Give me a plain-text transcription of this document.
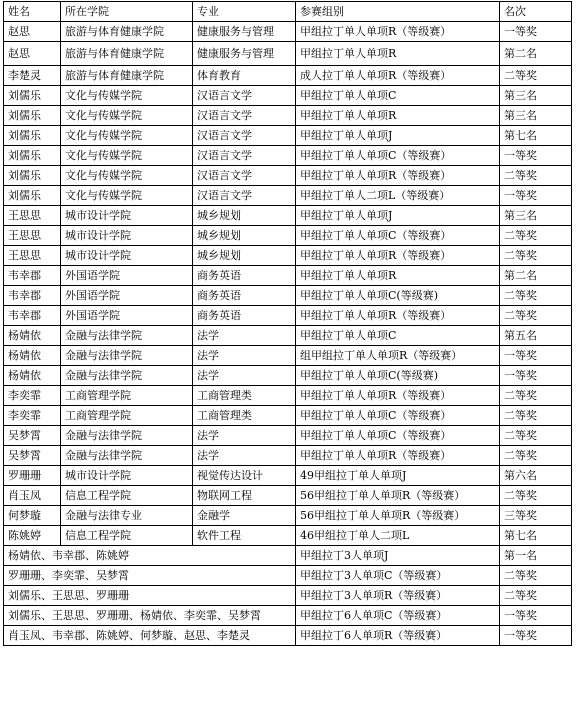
姓名	所在学院	专业	参赛组别	名次
赵思	旅游与体育健康学院	健康服务与管理	甲组拉丁单人单项R（等级赛）	一等奖
赵思	旅游与体育健康学院	健康服务与管理	甲组拉丁单人单项R	第二名
李楚灵	旅游与体育健康学院	体育教育	成人拉丁单人单项R（等级赛）	二等奖
刘儒乐	文化与传媒学院	汉语言文学	甲组拉丁单人单项C	第三名
刘儒乐	文化与传媒学院	汉语言文学	甲组拉丁单人单项R	第三名
刘儒乐	文化与传媒学院	汉语言文学	甲组拉丁单人单项J	第七名
刘儒乐	文化与传媒学院	汉语言文学	甲组拉丁单人单项C（等级赛）	一等奖
刘儒乐	文化与传媒学院	汉语言文学	甲组拉丁单人单项R（等级赛）	二等奖
刘儒乐	文化与传媒学院	汉语言文学	甲组拉丁单人二项L（等级赛）	一等奖
王思思	城市设计学院	城乡规划	甲组拉丁单人单项J	第三名
王思思	城市设计学院	城乡规划	甲组拉丁单人单项C（等级赛）	二等奖
王思思	城市设计学院	城乡规划	甲组拉丁单人单项R（等级赛）	二等奖
韦幸郡	外国语学院	商务英语	甲组拉丁单人单项R	第二名
韦幸郡	外国语学院	商务英语	甲组拉丁单人单项C(等级赛)	二等奖
韦幸郡	外国语学院	商务英语	甲组拉丁单人单项R（等级赛）	二等奖
杨婧依	金融与法律学院	法学	甲组拉丁单人单项C	第五名
杨婧依	金融与法律学院	法学	组甲组拉丁单人单项R（等级赛）	一等奖
杨婧依	金融与法律学院	法学	甲组拉丁单人单项C(等级赛)	一等奖
李奕霏	工商管理学院	工商管理类	甲组拉丁单人单项R（等级赛）	二等奖
李奕霏	工商管理学院	工商管理类	甲组拉丁单人单项C（等级赛）	二等奖
吴梦霄	金融与法律学院	法学	甲组拉丁单人单项C（等级赛）	二等奖
吴梦霄	金融与法律学院	法学	甲组拉丁单人单项R（等级赛）	二等奖
罗珊珊	城市设计学院	视觉传达设计	49甲组拉丁单人单项J	第六名
肖玉凤	信息工程学院	物联网工程	56甲组拉丁单人单项R（等级赛）	二等奖
何梦璇	金融与法律专业	金融学	56甲组拉丁单人单项R（等级赛）	三等奖
陈姚婷	信息工程学院	软件工程	46甲组拉丁单人二项L	第七名
杨婧依、韦幸郡、陈姚婷			甲组拉丁3人单项J	第一名
罗珊珊、李奕霏、吴梦霄			甲组拉丁3人单项C（等级赛）	二等奖
刘儒乐、王思思、罗珊珊			甲组拉丁3人单项R（等级赛）	二等奖
刘儒乐、王思思、罗珊珊、杨婧依、李奕霏、吴梦霄			甲组拉丁6人单项C（等级赛）	一等奖
肖玉凤、韦幸郡、陈姚婷、何梦璇、赵思、李楚灵			甲组拉丁6人单项R（等级赛）	一等奖
